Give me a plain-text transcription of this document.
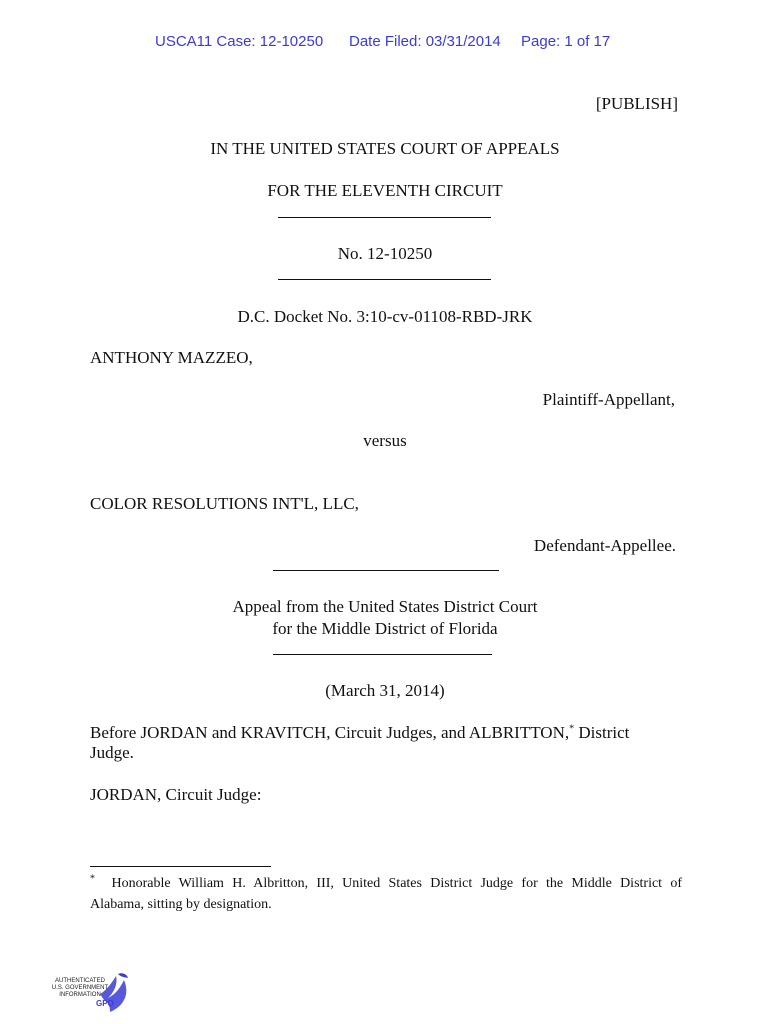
USCA11 Case: 12-10250 Date Filed: 03/31/2014 Page: 1 of 17
[PUBLISH]
IN THE UNITED STATES COURT OF APPEALS
FOR THE ELEVENTH CIRCUIT
No. 12-10250
D.C. Docket No. 3:10-cv-01108-RBD-JRK
ANTHONY MAZZEO,
Plaintiff-Appellant,
versus
COLOR RESOLUTIONS INT'L, LLC,
Defendant-Appellee.
Appeal from the United States District Court
for the Middle District of Florida
(March 31, 2014)
Before JORDAN and KRAVITCH, Circuit Judges, and ALBRITTON,* District
Judge.
JORDAN, Circuit Judge:
* Honorable William H. Albritton, III, United States District Judge for the Middle District of
Alabama, sitting by designation.
AUTHENTICATED
U.S. GOVERNMENT
INFORMATION
GPO
